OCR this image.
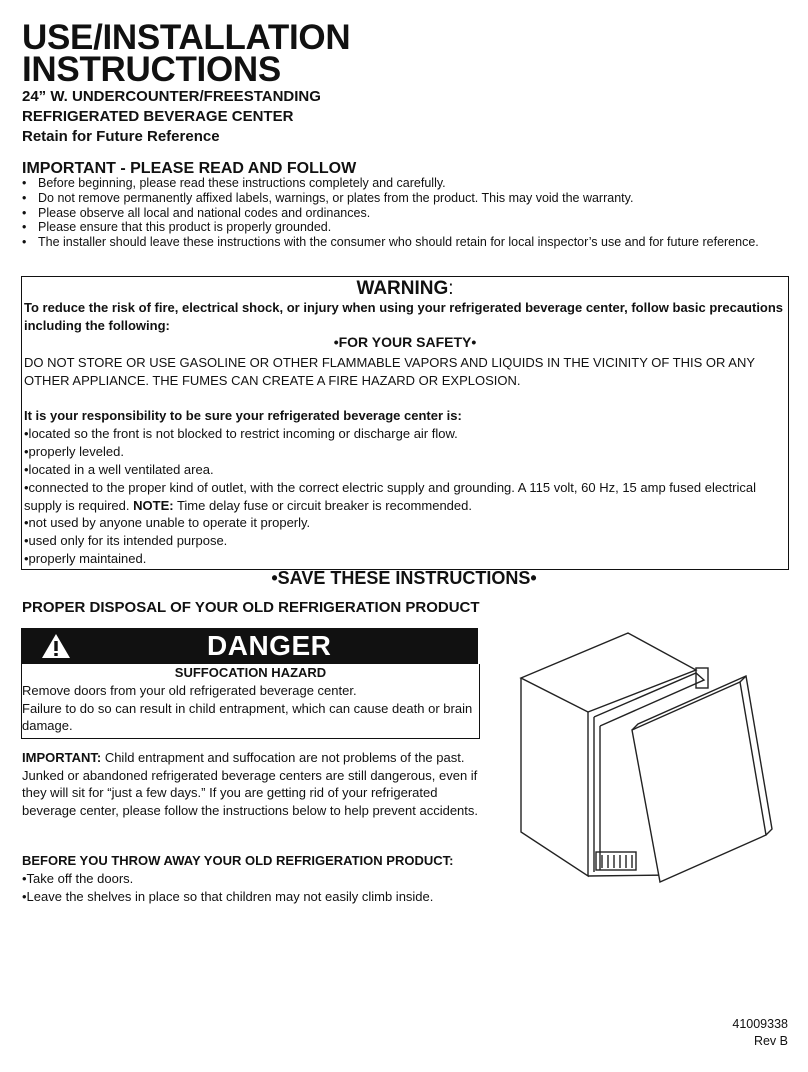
USE/INSTALLATION
INSTRUCTIONS
24” W. UNDERCOUNTER/FREESTANDING
REFRIGERATED BEVERAGE CENTER
Retain for Future Reference
IMPORTANT - PLEASE READ AND FOLLOW
• Before beginning, please read these instructions completely and carefully.
• Do not remove permanently affixed labels, warnings, or plates from the product. This may void the warranty.
• Please observe all local and national codes and ordinances.
• Please ensure that this product is properly grounded.
• The installer should leave these instructions with the consumer who should retain for local inspector’s use and for future reference.
WARNING:
To reduce the risk of fire, electrical shock, or injury when using your refrigerated beverage center, follow basic precautions including the following:
•FOR YOUR SAFETY•
DO NOT STORE OR USE GASOLINE OR OTHER FLAMMABLE VAPORS AND LIQUIDS IN THE VICINITY OF THIS OR ANY OTHER APPLIANCE. THE FUMES CAN CREATE A FIRE HAZARD OR EXPLOSION.
It is your responsibility to be sure your refrigerated beverage center is:
•located so the front is not blocked to restrict incoming or discharge air flow.
•properly leveled.
•located in a well ventilated area.
•connected to the proper kind of outlet, with the correct electric supply and grounding. A 115 volt, 60 Hz, 15 amp fused electrical supply is required. NOTE: Time delay fuse or circuit breaker is recommended.
•not used by anyone unable to operate it properly.
•used only for its intended purpose.
•properly maintained.
•SAVE THESE INSTRUCTIONS•
PROPER DISPOSAL OF YOUR OLD REFRIGERATION PRODUCT
DANGER
SUFFOCATION HAZARD
Remove doors from your old refrigerated beverage center.
Failure to do so can result in child entrapment, which can cause death or brain damage.
IMPORTANT: Child entrapment and suffocation are not problems of the past. Junked or abandoned refrigerated beverage centers are still dangerous, even if they will sit for “just a few days.” If you are getting rid of your refrigerated beverage center, please follow the instructions below to help prevent accidents.
BEFORE YOU THROW AWAY YOUR OLD REFRIGERATION PRODUCT:
•Take off the doors.
•Leave the shelves in place so that children may not easily climb inside.
41009338
Rev B
